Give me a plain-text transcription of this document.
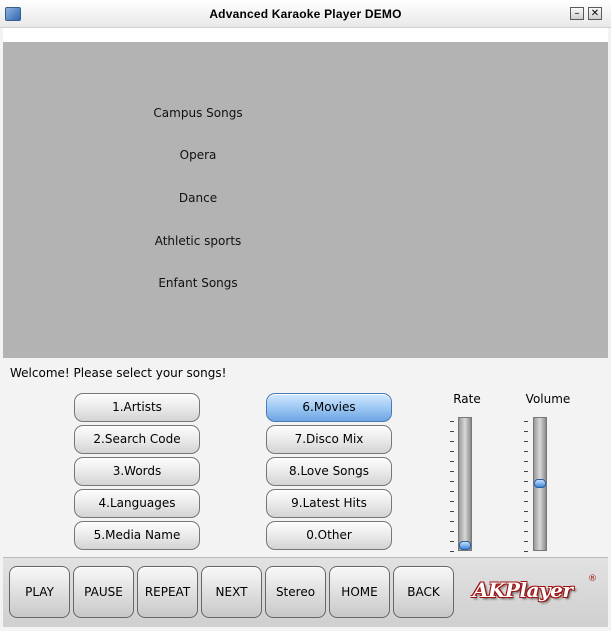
Advanced Karaoke Player DEMO	–	✕
Campus Songs
Opera
Dance
Athletic sports
Enfant Songs
Welcome! Please select your songs!
1.Artists
2.Search Code
3.Words
4.Languages
5.Media Name
6.Movies
7.Disco Mix
8.Love Songs
9.Latest Hits
0.Other
Rate	Volume
PLAY	PAUSE	REPEAT	NEXT	Stereo	HOME	BACK	AKPlayer ®
